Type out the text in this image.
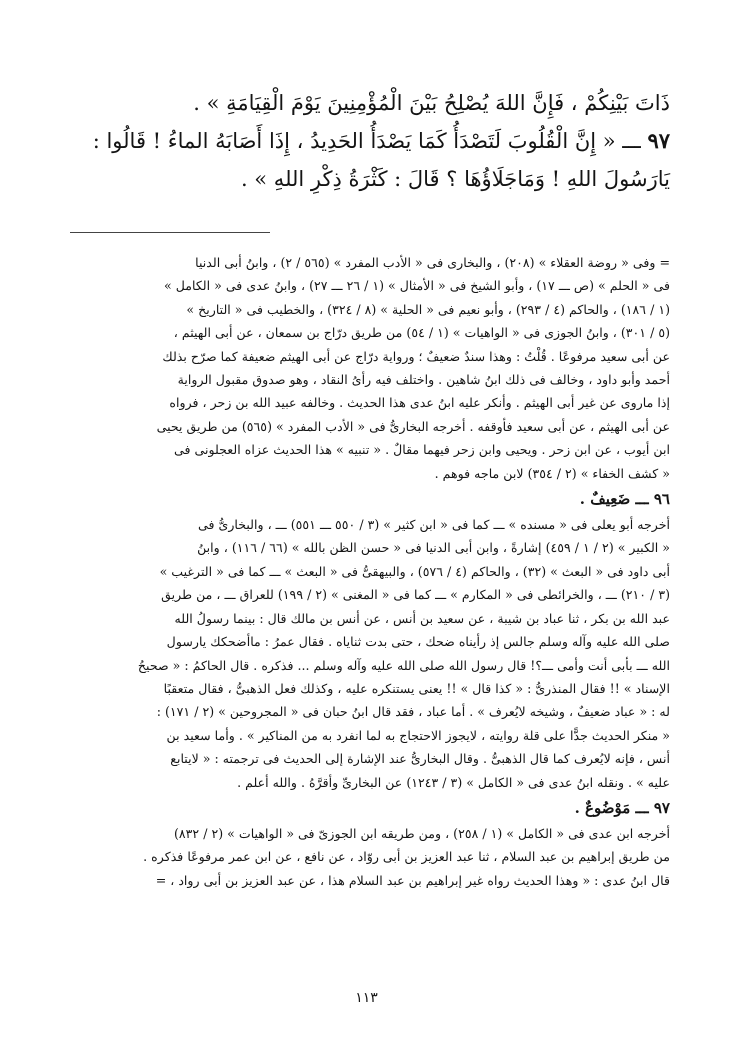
ذَاتَ بَيْنِكُمْ ، فَإِنَّ اللهَ يُصْلِحُ بَيْنَ الْمُؤْمِنِينَ يَوْمَ الْقِيَامَةِ » .

٩٧ ـــ « إِنَّ الْقُلُوبَ لَتَصْدَأُ كَمَا يَصْدَأُ الحَدِيدُ ، إِذَا أَصَابَهُ الماءُ ! قَالُوا :

يَارَسُولَ اللهِ ! وَمَاجَلَاؤُهَا ؟ قَالَ : كَثْرَةُ ذِكْرِ اللهِ » .

= وفى « روضة العقلاء » (٢٠٨) ، والبخارى فى « الأدب المفرد » (٥٦٥ / ٢) ، وابنُ أبى الدنيا

فى « الحلم » (ص ـــ ١٧) ، وأبو الشيخ فى « الأمثال » (١ / ٢٦ ـــ ٢٧) ، وابنُ عدى فى « الكامل »

(١ / ١٨٦) ، والحاكم (٤ / ٢٩٣) ، وأبو نعيم فى « الحلية » (٨ / ٣٢٤) ، والخطيب فى « التاريخ »

(٥ / ٣٠١) ، وابنُ الجوزى فى « الواهيات » (١ / ٥٤) من طريق درّاج بن سمعان ، عن أبى الهيثم ،

عن أبى سعيد مرفوعًا . قُلْتُ : وهذا سندٌ ضعيفٌ ؛ ورواية درّاج عن أبى الهيثم ضعيفة كما صرّح بذلك

أحمد وأبو داود ، وخالف فى ذلك ابنُ شاهين . واختلف فيه رأىُ النقاد ، وهو صدوق مقبول الرواية

إذا ماروى عن غير أبى الهيثم . وأنكر عليه ابنُ عدى هذا الحديث . وخالفه عبيد الله بن زحر ، فرواه

عن أبى الهيثم ، عن أبى سعيد فأوقفه . أخرجه البخارىُّ فى « الأدب المفرد » (٥٦٥) من طريق يحيى

ابن أيوب ، عن ابن زحر . ويحيى وابن زحر فيهما مقالٌ . « تنبيه » هذا الحديث عزاه العجلونى فى

« كشف الخفاء » (٢ / ٣٥٤) لابن ماجه فوهم .

٩٦ ـــ ضَعِيفٌ .

أخرجه أبو يعلى فى « مسنده » ـــ كما فى « ابن كثير » (٣ / ٥٥٠ ـــ ٥٥١) ـــ ، والبخارىُّ فى

« الكبير » (٢ / ١ / ٤٥٩) إشارةً ، وابن أبى الدنيا فى « حسن الظن بالله » (٦٦ / ١١٦) ، وابنُ

أبى داود فى « البعث » (٣٢) ، والحاكم (٤ / ٥٧٦) ، والبيهقىُّ فى « البعث » ـــ كما فى « الترغيب »

(٣ / ٢١٠) ـــ ، والخرائطى فى « المكارم » ـــ كما فى « المغنى » (٢ / ١٩٩) للعراق ـــ ، من طريق

عبد الله بن بكر ، ثنا عباد بن شيبة ، عن سعيد بن أنس ، عن أنس بن مالك قال : بينما رسولُ الله

صلى الله عليه وآله وسلم جالس إذ رأيناه ضحك ، حتى بدت ثناياه . فقال عمرُ : ماأضحكك يارسول

الله ـــ بأبى أنت وأمى ـــ؟! قال رسول الله صلى الله عليه وآله وسلم ... فذكره . قال الحاكمُ : « صحيحُ

الإسناد » !! فقال المنذرىُّ : « كذا قال » !! يعنى يستنكره عليه ، وكذلك فعل الذهبىُّ ، فقال متعقبًا

له : « عباد ضعيفٌ ، وشيخه لايُعرف » . أما عباد ، فقد قال ابنُ حبان فى « المجروحين » (٢ / ١٧١) :

« منكر الحديث جدًّا على قلة روايته ، لايجوز الاحتجاج به لما انفرد به من المناكير » . وأما سعيد بن

أنس ، فإنه لايُعرف كما قال الذهبىُّ . وقال البخارىُّ عند الإشارة إلى الحديث فى ترجمته : « لايتابع

عليه » . ونقله ابنُ عدى فى « الكامل » (٣ / ١٢٤٣) عن البخارىِّ وأقرَّهُ . والله أعلم .

٩٧ ـــ مَوْضُوعٌ .

أخرجه ابن عدى فى « الكامل » (١ / ٢٥٨) ، ومن طريقه ابن الجوزىّ فى « الواهيات » (٢ / ٨٣٢)

من طريق إبراهيم بن عبد السلام ، ثنا عبد العزيز بن أبى روّاد ، عن نافع ، عن ابن عمر مرفوعًا فذكره .

قال ابنُ عدى : « وهذا الحديث رواه غير إبراهيم بن عبد السلام هذا ، عن عبد العزيز بن أبى رواد ، =

١١٣
